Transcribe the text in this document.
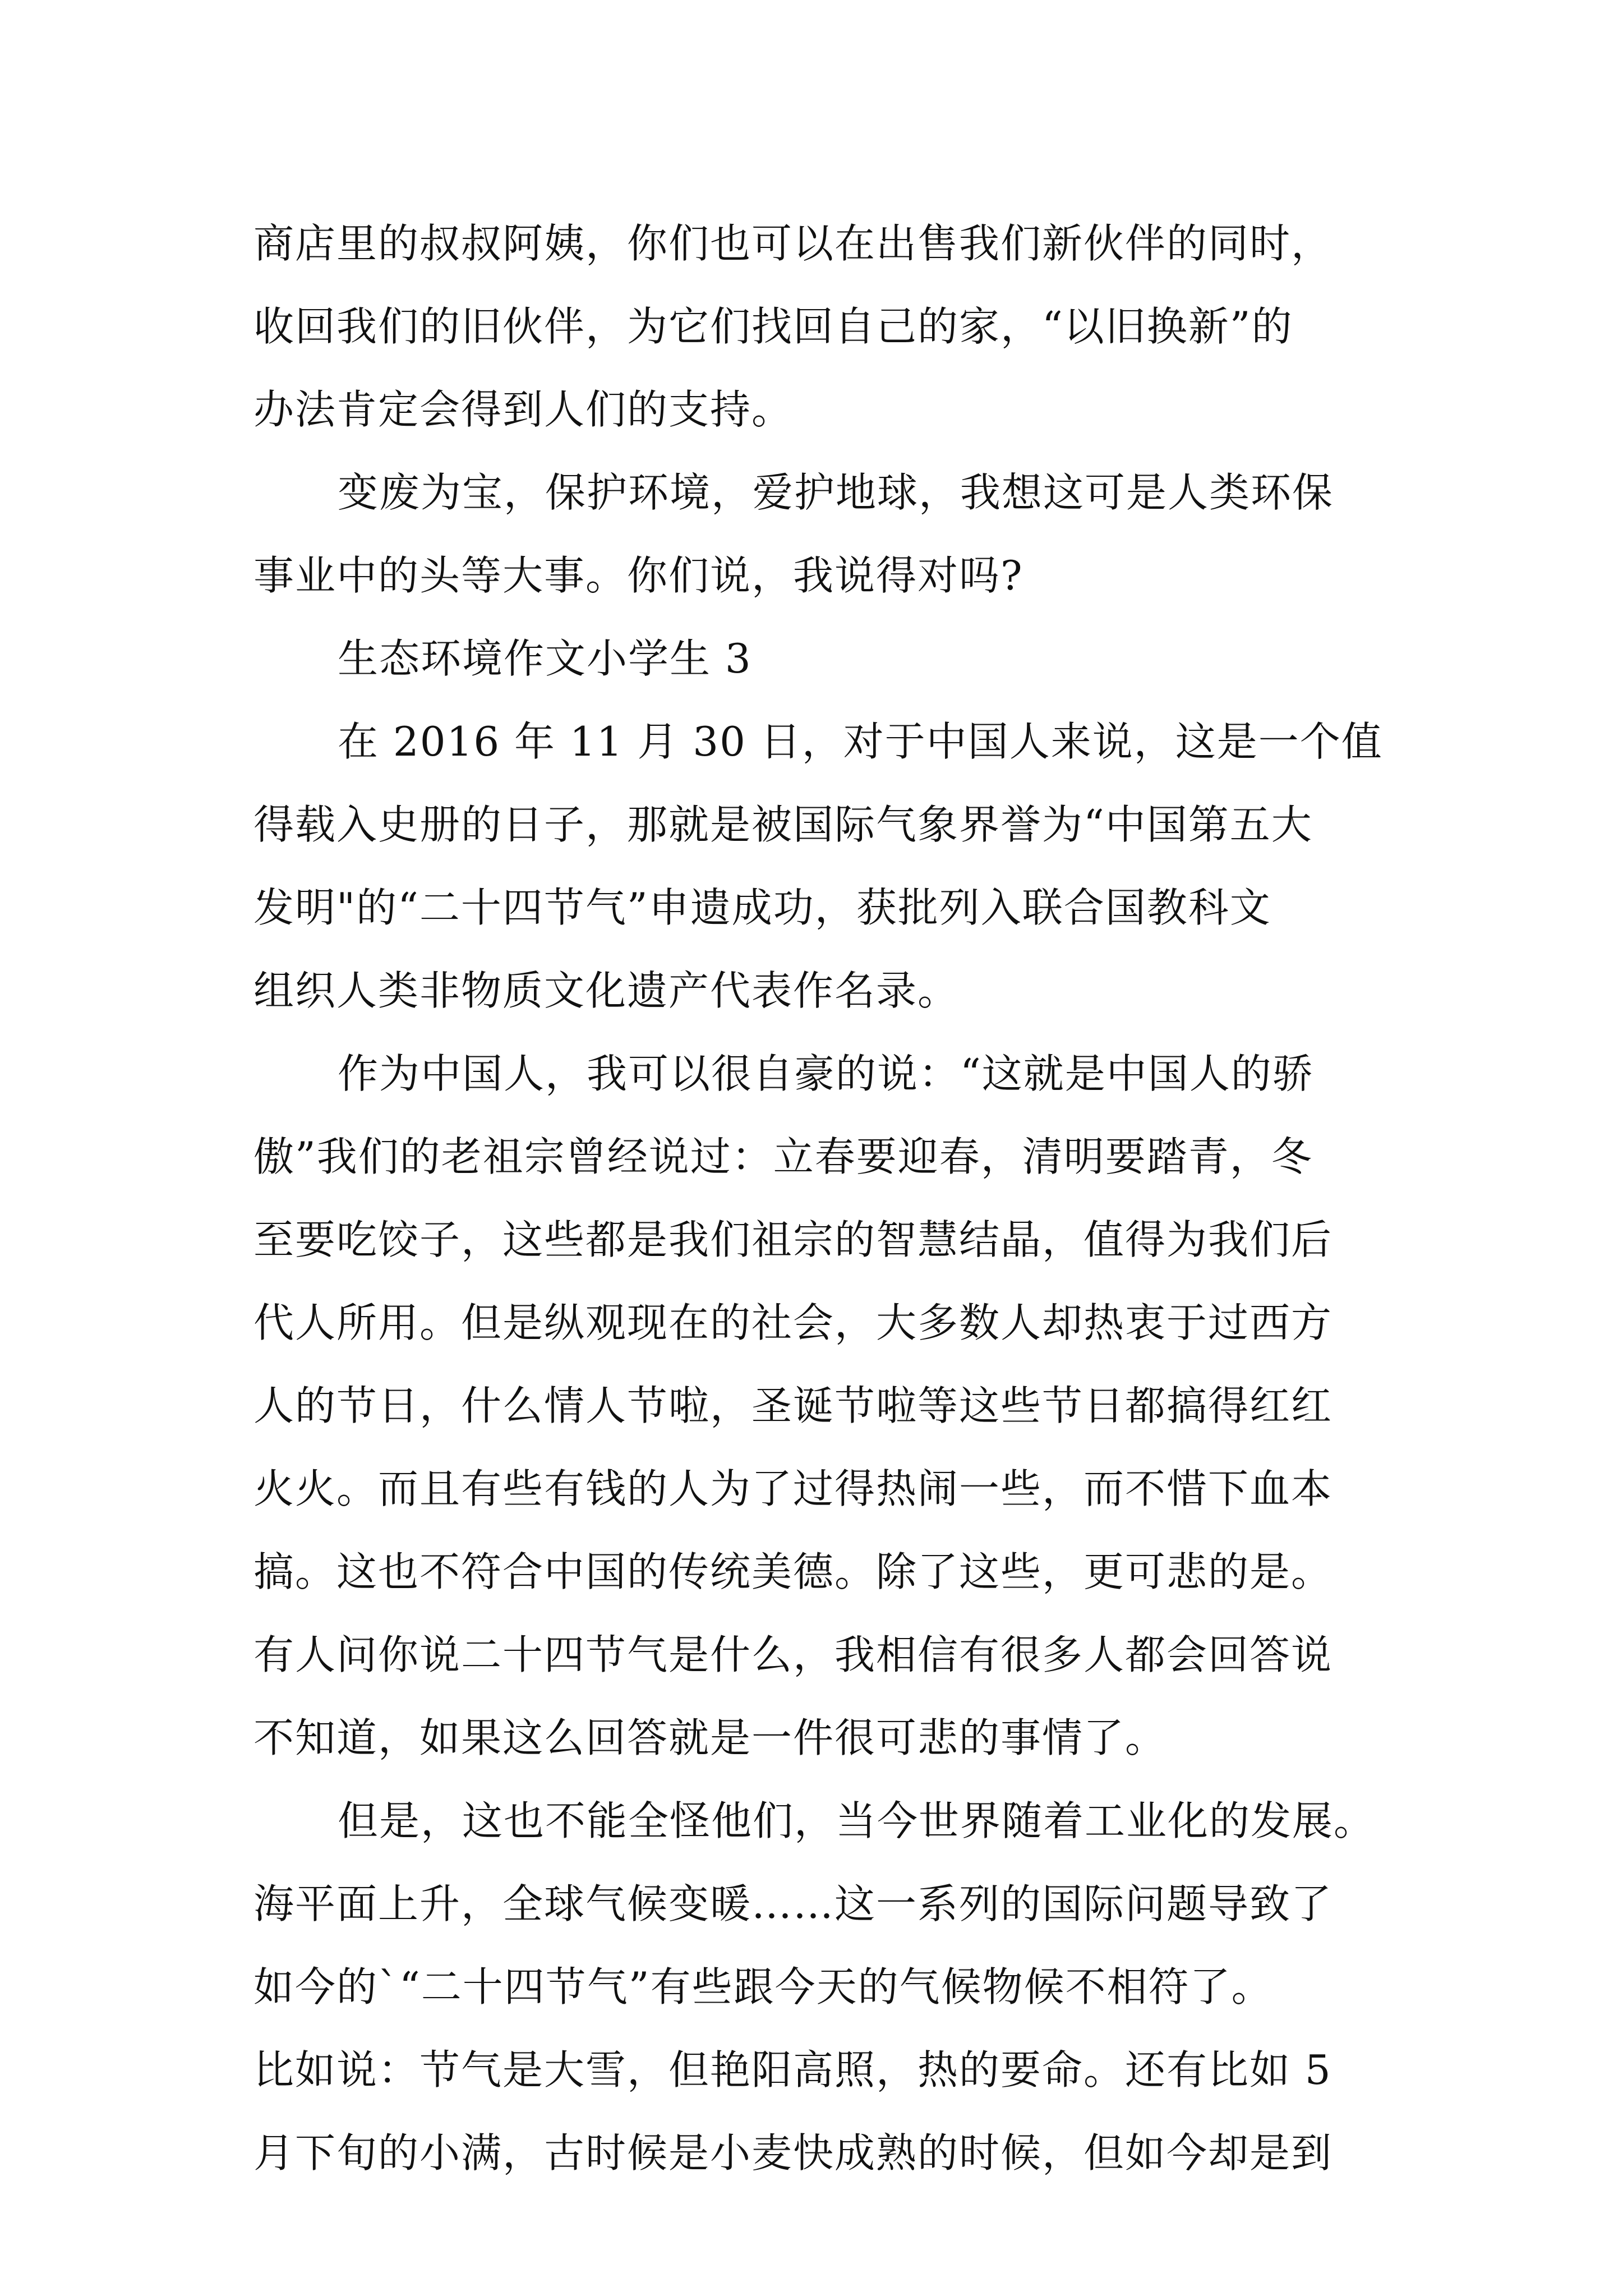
商店里的叔叔阿姨，你们也可以在出售我们新伙伴的同时，
收回我们的旧伙伴，为它们找回自己的家，“以旧换新”的
办法肯定会得到人们的支持。
变废为宝，保护环境，爱护地球，我想这可是人类环保
事业中的头等大事。你们说，我说得对吗?
生态环境作文小学生 3
在 2016 年 11 月 30 日，对于中国人来说，这是一个值
得载入史册的日子，那就是被国际气象界誉为“中国第五大
发明"的“二十四节气”申遗成功，获批列入联合国教科文
组织人类非物质文化遗产代表作名录。
作为中国人，我可以很自豪的说：“这就是中国人的骄
傲”我们的老祖宗曾经说过：立春要迎春，清明要踏青，冬
至要吃饺子，这些都是我们祖宗的智慧结晶，值得为我们后
代人所用。但是纵观现在的社会，大多数人却热衷于过西方
人的节日，什么情人节啦，圣诞节啦等这些节日都搞得红红
火火。而且有些有钱的人为了过得热闹一些，而不惜下血本
搞。这也不符合中国的传统美德。除了这些，更可悲的是。
有人问你说二十四节气是什么，我相信有很多人都会回答说
不知道，如果这么回答就是一件很可悲的事情了。
但是，这也不能全怪他们，当今世界随着工业化的发展。
海平面上升，全球气候变暖……这一系列的国际问题导致了
如今的`“二十四节气”有些跟今天的气候物候不相符了。
比如说：节气是大雪，但艳阳高照，热的要命。还有比如 5
月下旬的小满，古时候是小麦快成熟的时候，但如今却是到
